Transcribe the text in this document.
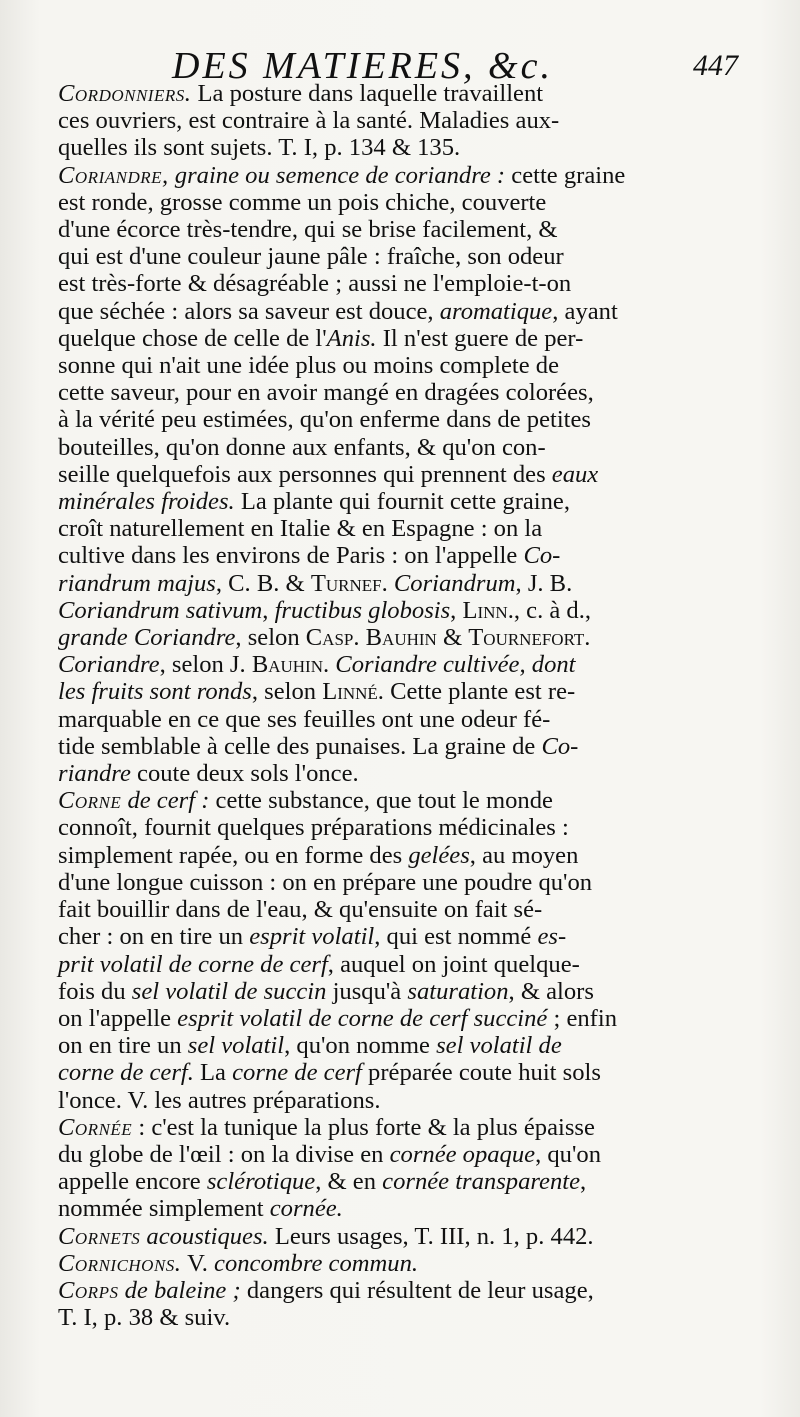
DES MATIERES, &c.	447
Cordonniers. La posture dans laquelle travaillent
ces ouvriers, est contraire à la santé. Maladies aux-
quelles ils sont sujets. T. I, p. 134 & 135.
Coriandre, graine ou semence de coriandre : cette graine
est ronde, grosse comme un pois chiche, couverte
d'une écorce très-tendre, qui se brise facilement, &
qui est d'une couleur jaune pâle : fraîche, son odeur
est très-forte & désagréable ; aussi ne l'emploie-t-on
que séchée : alors sa saveur est douce, aromatique, ayant
quelque chose de celle de l'Anis. Il n'est guere de per-
sonne qui n'ait une idée plus ou moins complete de
cette saveur, pour en avoir mangé en dragées colorées,
à la vérité peu estimées, qu'on enferme dans de petites
bouteilles, qu'on donne aux enfants, & qu'on con-
seille quelquefois aux personnes qui prennent des eaux
minérales froides. La plante qui fournit cette graine,
croît naturellement en Italie & en Espagne : on la
cultive dans les environs de Paris : on l'appelle Co-
riandrum majus, C. B. & Turnef. Coriandrum, J. B.
Coriandrum sativum, fructibus globosis, Linn., c. à d.,
grande Coriandre, selon Casp. Bauhin & Tournefort.
Coriandre, selon J. Bauhin. Coriandre cultivée, dont
les fruits sont ronds, selon Linné. Cette plante est re-
marquable en ce que ses feuilles ont une odeur fé-
tide semblable à celle des punaises. La graine de Co-
riandre coute deux sols l'once.
Corne de cerf : cette substance, que tout le monde
connoît, fournit quelques préparations médicinales :
simplement rapée, ou en forme des gelées, au moyen
d'une longue cuisson : on en prépare une poudre qu'on
fait bouillir dans de l'eau, & qu'ensuite on fait sé-
cher : on en tire un esprit volatil, qui est nommé es-
prit volatil de corne de cerf, auquel on joint quelque-
fois du sel volatil de succin jusqu'à saturation, & alors
on l'appelle esprit volatil de corne de cerf succiné ; enfin
on en tire un sel volatil, qu'on nomme sel volatil de
corne de cerf. La corne de cerf préparée coute huit sols
l'once. V. les autres préparations.
Cornée : c'est la tunique la plus forte & la plus épaisse
du globe de l'œil : on la divise en cornée opaque, qu'on
appelle encore sclérotique, & en cornée transparente,
nommée simplement cornée.
Cornets acoustiques. Leurs usages, T. III, n. 1, p. 442.
Cornichons. V. concombre commun.
Corps de baleine ; dangers qui résultent de leur usage,
T. I, p. 38 & suiv.
